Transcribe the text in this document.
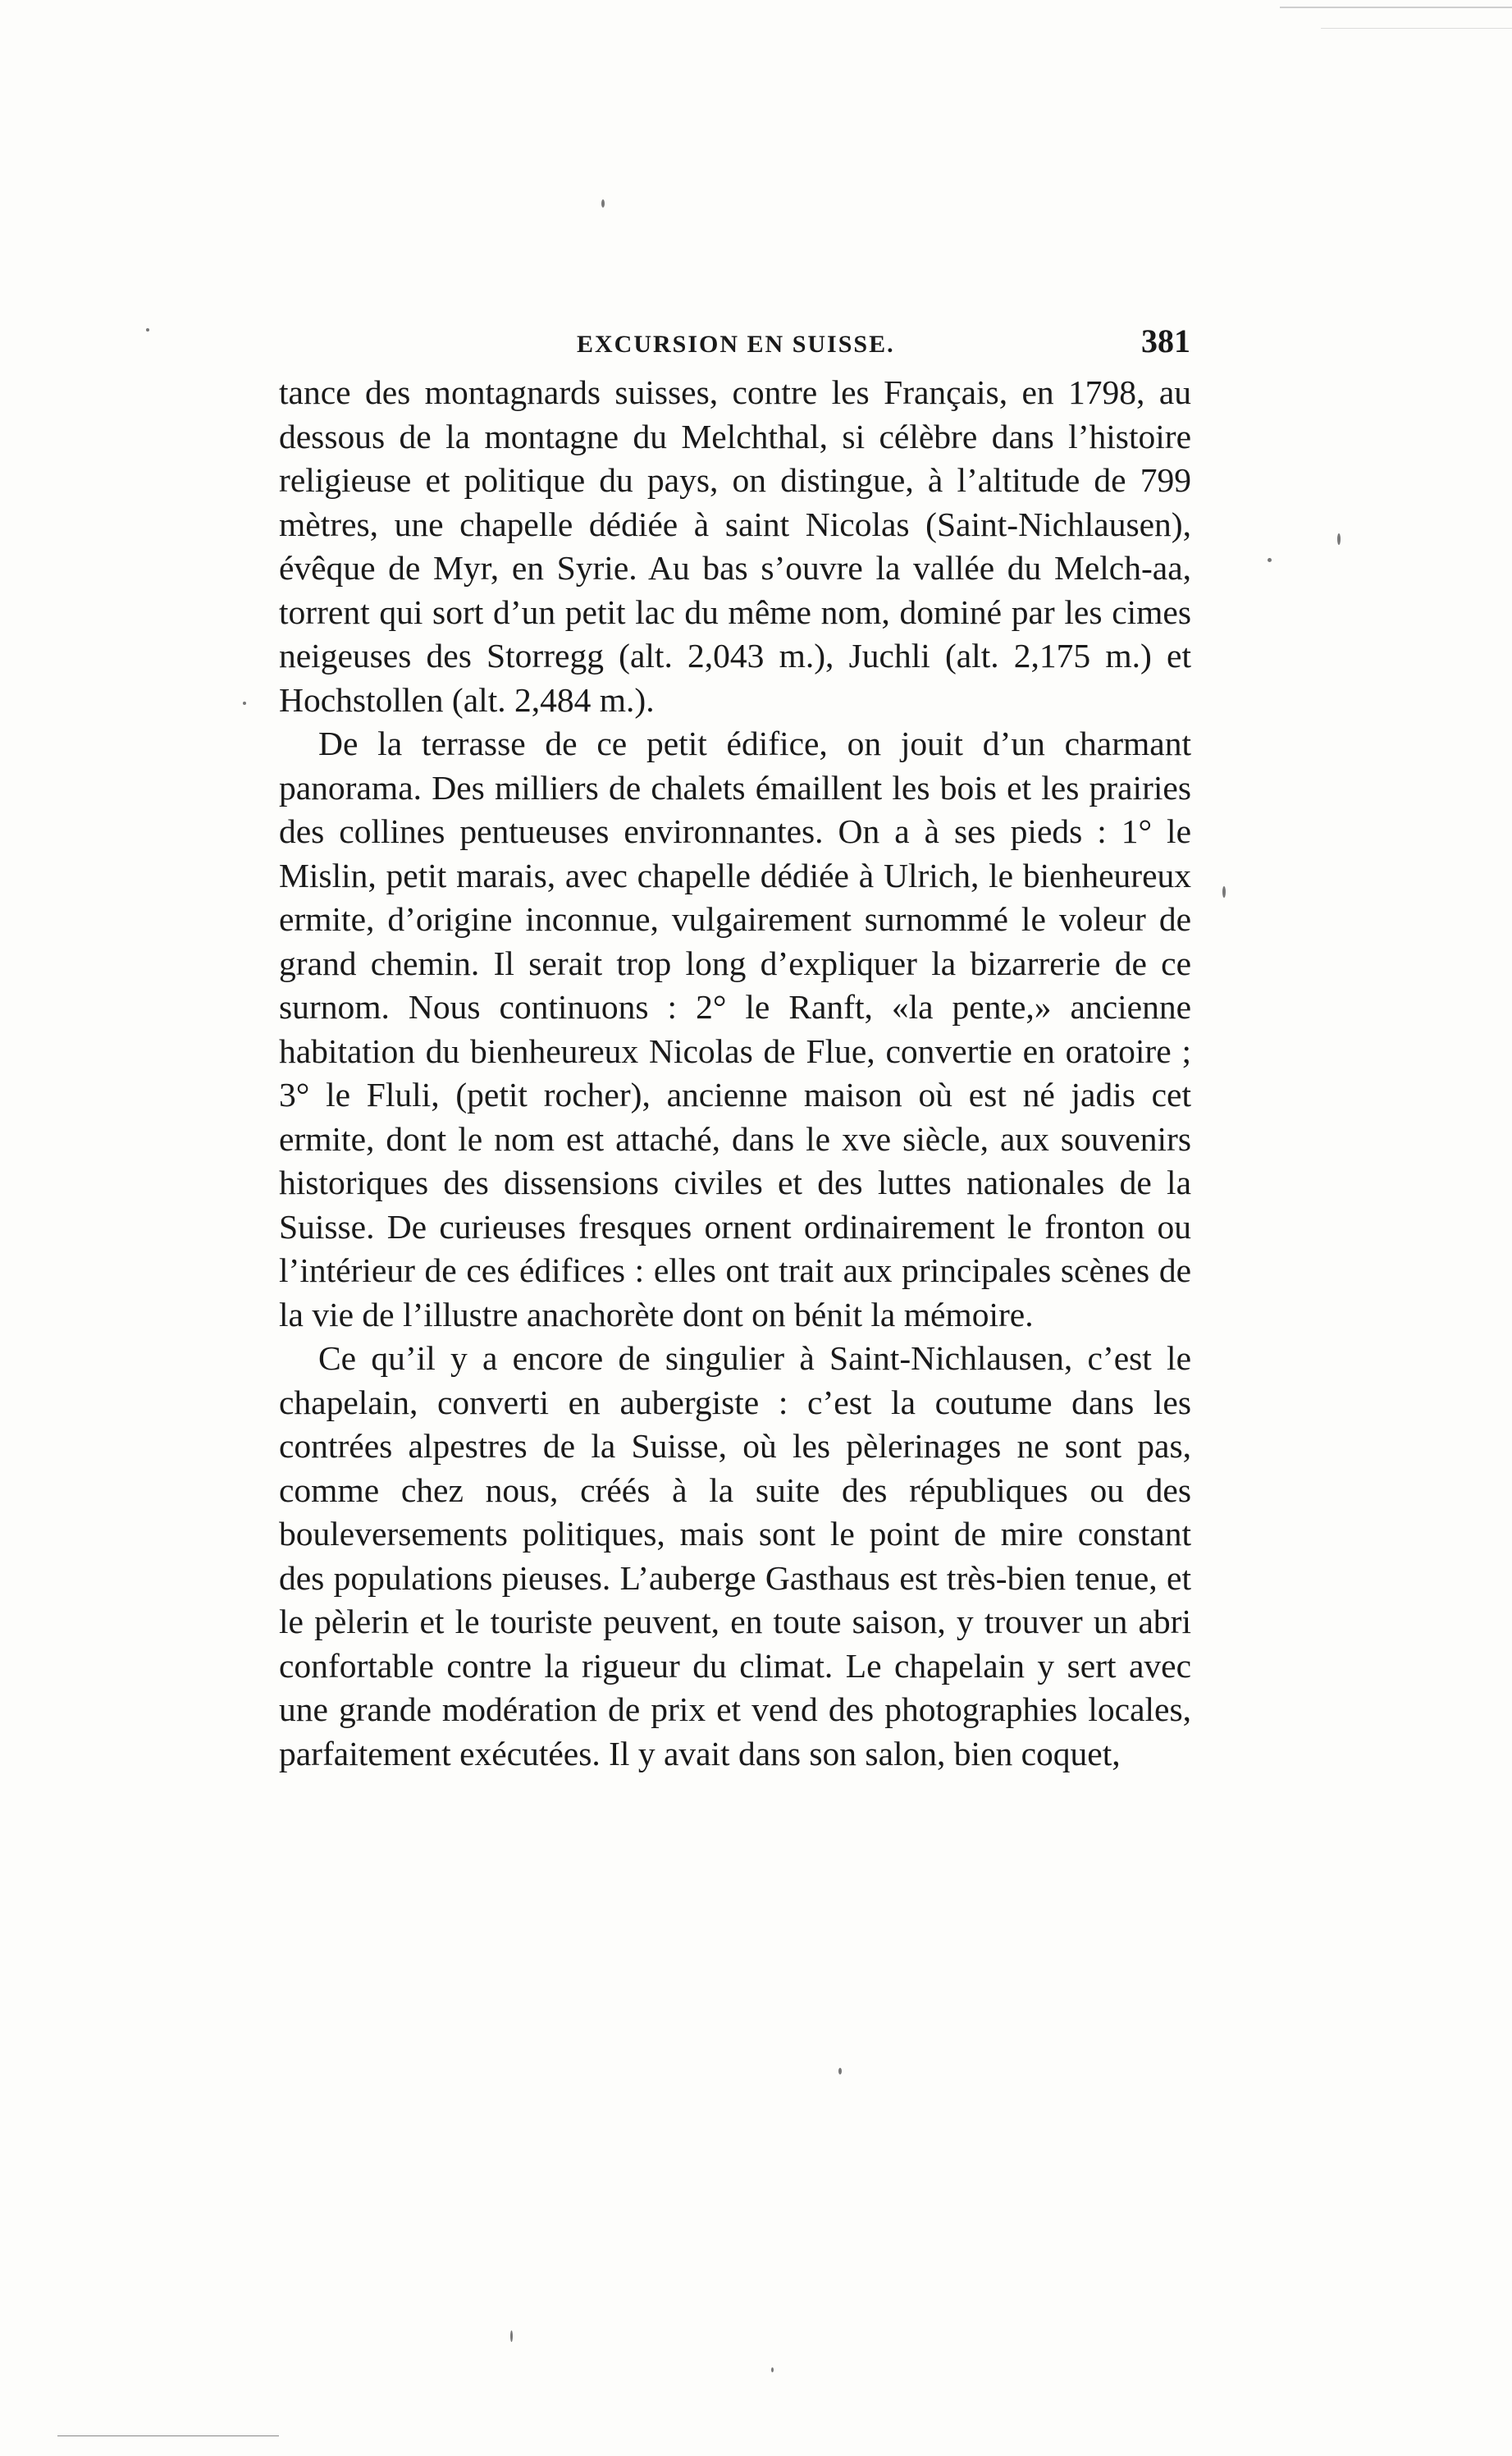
EXCURSION EN SUISSE.	381

tance des montagnards suisses, contre les Français, en 1798, au dessous de la montagne du Melchthal, si célèbre dans l’histoire religieuse et politique du pays, on distingue, à l’altitude de 799 mètres, une chapelle dédiée à saint Nicolas (Saint-Nichlausen), évêque de Myr, en Syrie. Au bas s’ouvre la vallée du Melch-aa, torrent qui sort d’un petit lac du même nom, dominé par les cimes neigeuses des Storregg (alt. 2,043 m.), Juchli (alt. 2,175 m.) et Hochstollen (alt. 2,484 m.).

De la terrasse de ce petit édifice, on jouit d’un charmant panorama. Des milliers de chalets émaillent les bois et les prairies des collines pentueuses environnantes. On a à ses pieds : 1° le Mislin, petit marais, avec chapelle dédiée à Ulrich, le bienheureux ermite, d’origine inconnue, vulgairement surnommé le voleur de grand chemin. Il serait trop long d’expliquer la bizarrerie de ce surnom. Nous continuons : 2° le Ranft, «la pente,» ancienne habitation du bienheureux Nicolas de Flue, convertie en oratoire ; 3° le Fluli, (petit rocher), ancienne maison où est né jadis cet ermite, dont le nom est attaché, dans le xve siècle, aux souvenirs historiques des dissensions civiles et des luttes nationales de la Suisse. De curieuses fresques ornent ordinairement le fronton ou l’intérieur de ces édifices : elles ont trait aux principales scènes de la vie de l’illustre anachorète dont on bénit la mémoire.

Ce qu’il y a encore de singulier à Saint-Nichlausen, c’est le chapelain, converti en aubergiste : c’est la coutume dans les contrées alpestres de la Suisse, où les pèlerinages ne sont pas, comme chez nous, créés à la suite des républiques ou des bouleversements politiques, mais sont le point de mire constant des populations pieuses. L’auberge Gasthaus est très-bien tenue, et le pèlerin et le touriste peuvent, en toute saison, y trouver un abri confortable contre la rigueur du climat. Le chapelain y sert avec une grande modération de prix et vend des photographies locales, parfaitement exécutées. Il y avait dans son salon, bien coquet,
